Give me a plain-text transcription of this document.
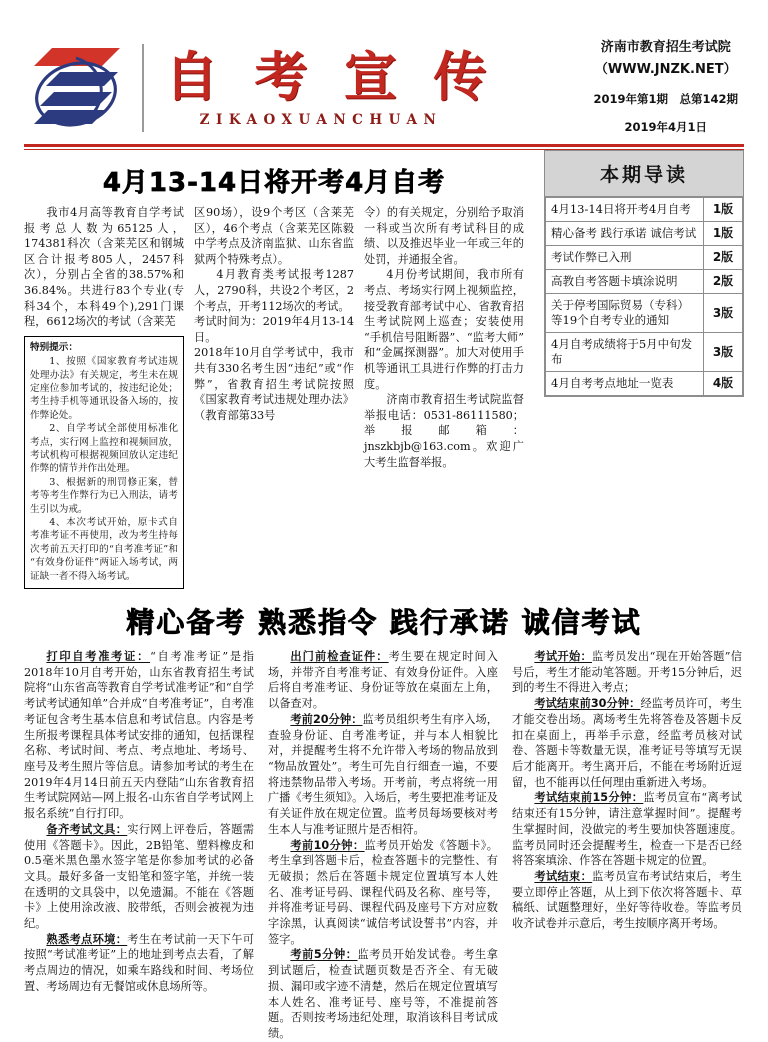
自 考 宣 传
ZIKAOXUANCHUAN
济南市教育招生考试院
（WWW.JNZK.NET）
2019年第1期　总第142期
2019年4月1日
4月13-14日将开考4月自考

我市4月高等教育自学考试报考总人数为65125人，174381科次（含莱芜区和钢城区合计报考805人，2457科次），分别占全省的38.57%和36.84%。共进行83个专业(专科34个，本科49个),291门课程，6612场次的考试（含莱芜

特别提示：

1、按照《国家教育考试违规处理办法》有关规定，考生未在规定座位参加考试的，按违纪论处；考生持手机等通讯设备入场的，按作弊论处。

2、自学考试全部使用标准化考点，实行网上监控和视频回放，考试机构可根据视频回放认定违纪作弊的情节并作出处理。

3、根据新的刑罚修正案，替考等考生作弊行为已入刑法，请考生引以为戒。

4、本次考试开始，原卡式自考准考证不再使用，改为考生持每次考前五天打印的“自考准考证”和“有效身份证件”两证入场考试，两证缺一者不得入场考试。

区90场），设9个考区（含莱芜区），46个考点（含莱芜区陈毅中学考点及济南监狱、山东省监狱两个特殊考点）。

4月教育类考试报考1287人，2790科，共设2个考区，2个考点，开考112场次的考试。

考试时间为：2019年4月13-14日。

2018年10月自学考试中，我市共有330名考生因“违纪”或“作弊”，省教育招生考试院按照《国家教育考试违规处理办法》（教育部第33号

令）的有关规定，分别给予取消一科或当次所有考试科目的成绩、以及推迟毕业一年或三年的处罚，并通报全省。

4月份考试期间，我市所有考点、考场实行网上视频监控，接受教育部考试中心、省教育招生考试院网上巡查；安装使用“手机信号阻断器”、“监考大师”和“金属探测器”。加大对使用手机等通讯工具进行作弊的打击力度。

济南市教育招生考试院监督举报电话：0531-86111580；举报邮箱：jnszkbjb@163.com。欢迎广大考生监督举报。

本期导读
4月13-14日将开考4月自考	1版
精心备考 践行承诺 诚信考试	1版
考试作弊已入刑	2版
高教自考答题卡填涂说明	2版
关于停考国际贸易（专科）等19个自考专业的通知	3版
4月自考成绩将于5月中旬发布	3版
4月自考考点地址一览表	4版
精心备考 熟悉指令 践行承诺 诚信考试

打印自考准考证：“自考准考证”是指2018年10月自考开始，山东省教育招生考试院将“山东省高等教育自学考试准考证”和“自学考试考试通知单”合并成“自考准考证”，自考准考证包含考生基本信息和考试信息。内容是考生所报考课程具体考试安排的通知，包括课程名称、考试时间、考点、考点地址、考场号、座号及考生照片等信息。请参加考试的考生在2019年4月14日前五天内登陆“山东省教育招生考试院网站—网上报名-山东省自学考试网上报名系统”自行打印。

备齐考试文具：实行网上评卷后，答题需使用《答题卡》。因此，2B铅笔、塑料橡皮和0.5毫米黑色墨水签字笔是你参加考试的必备文具。最好多备一支铅笔和签字笔，并统一装在透明的文具袋中，以免遗漏。不能在《答题卡》上使用涂改液、胶带纸，否则会被视为违纪。

熟悉考点环境：考生在考试前一天下午可按照“考试准考证”上的地址到考点去看，了解考点周边的情况，如乘车路线和时间、考场位置、考场周边有无餐馆或休息场所等。

出门前检查证件：考生要在规定时间入场，并带齐自考准考证、有效身份证件。入座后将自考准考证、身份证等放在桌面左上角，以备查对。

考前20分钟：监考员组织考生有序入场，查验身份证、自考准考证，并与本人相貌比对，并提醒考生将不允许带入考场的物品放到“物品放置处”。考生可先自行细查一遍，不要将违禁物品带入考场。开考前，考点将统一用广播《考生须知》。入场后，考生要把准考证及有关证件放在规定位置。监考员每场要核对考生本人与准考证照片是否相符。

考前10分钟：监考员开始发《答题卡》。考生拿到答题卡后，检查答题卡的完整性、有无破损；然后在答题卡规定位置填写本人姓名、准考证号码、课程代码及名称、座号等，并将准考证号码、课程代码及座号下方对应数字涂黑，认真阅读“诚信考试设誓书”内容，并签字。

考前5分钟：监考员开始发试卷。考生拿到试题后，检查试题页数是否齐全、有无破损、漏印或字迹不清楚，然后在规定位置填写本人姓名、准考证号、座号等，不准提前答题。否则按考场违纪处理，取消该科目考试成绩。

考试开始：监考员发出“现在开始答题”信号后，考生才能动笔答题。开考15分钟后，迟到的考生不得进入考点；

考试结束前30分钟：经监考员许可，考生才能交卷出场。离场考生先将答卷及答题卡反扣在桌面上，再举手示意，经监考员核对试卷、答题卡等数量无误，准考证号等填写无误后才能离开。考生离开后，不能在考场附近逗留，也不能再以任何理由重新进入考场。

考试结束前15分钟：监考员宣布“离考试结束还有15分钟，请注意掌握时间”。提醒考生掌握时间，没做完的考生要加快答题速度。监考员同时还会提醒考生，检查一下是否已经将答案填涂、作答在答题卡规定的位置。

考试结束：监考员宣布考试结束后，考生要立即停止答题，从上到下依次将答题卡、草稿纸、试题整理好，坐好等待收卷。等监考员收齐试卷并示意后，考生按顺序离开考场。
